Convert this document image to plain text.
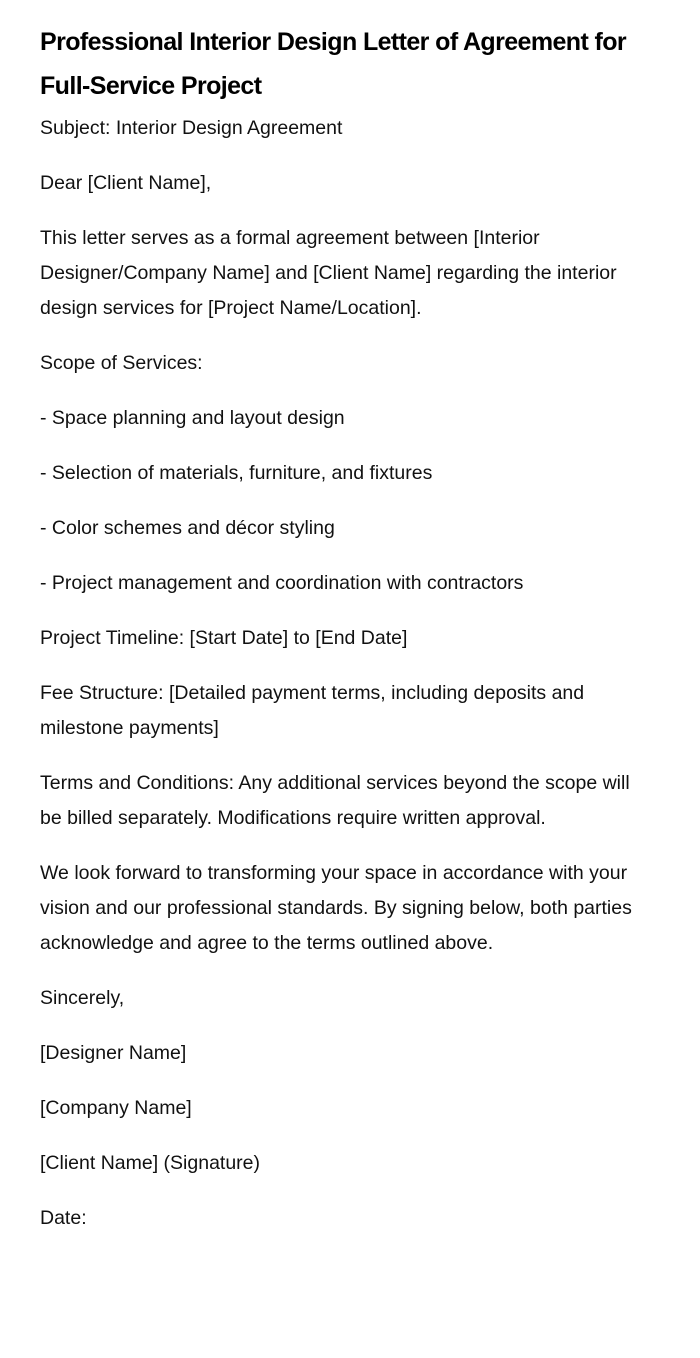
Professional Interior Design Letter of Agreement for Full-Service Project

Subject: Interior Design Agreement

Dear [Client Name],

This letter serves as a formal agreement between [Interior Designer/Company Name] and [Client Name] regarding the interior design services for [Project Name/Location].

Scope of Services:

- Space planning and layout design

- Selection of materials, furniture, and fixtures

- Color schemes and décor styling

- Project management and coordination with contractors

Project Timeline: [Start Date] to [End Date]

Fee Structure: [Detailed payment terms, including deposits and milestone payments]

Terms and Conditions: Any additional services beyond the scope will be billed separately. Modifications require written approval.

We look forward to transforming your space in accordance with your vision and our professional standards. By signing below, both parties acknowledge and agree to the terms outlined above.

Sincerely,

[Designer Name]

[Company Name]

[Client Name] (Signature)

Date:
